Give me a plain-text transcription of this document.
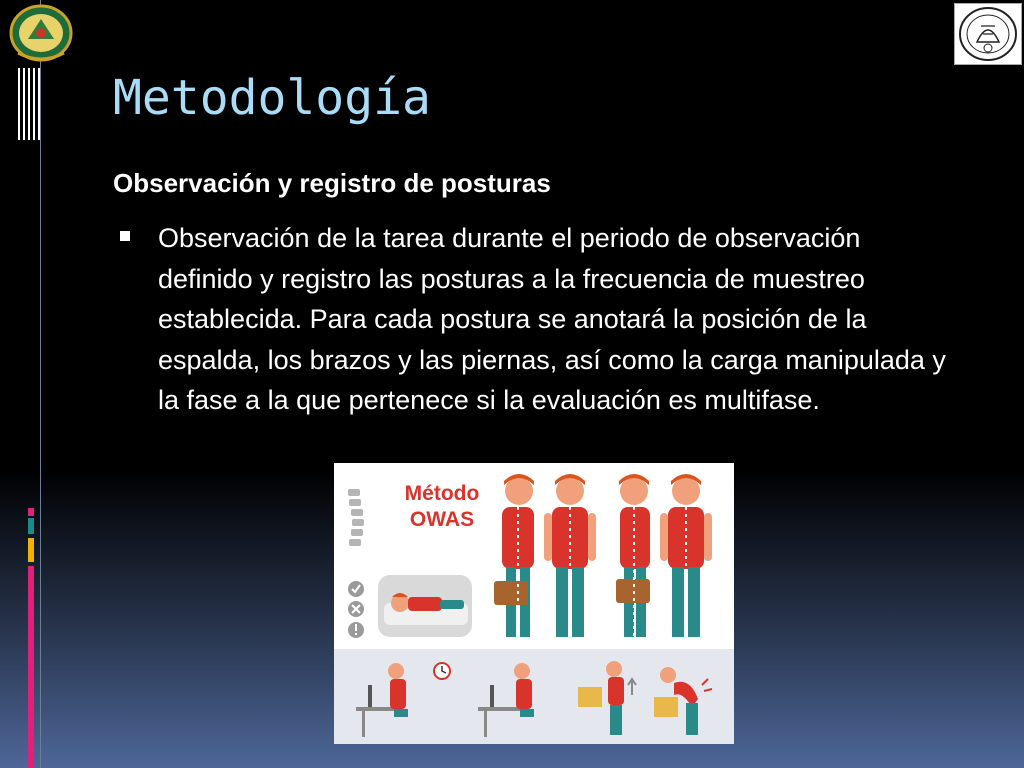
Metodología
Observación y registro de posturas
Observación de la tarea durante el periodo de observación definido y registro las posturas a la frecuencia de muestreo establecida. Para cada postura se anotará la posición de la espalda, los brazos y las piernas, así como la carga manipulada y la fase a la que pertenece si la evaluación es multifase.
Método
OWAS
